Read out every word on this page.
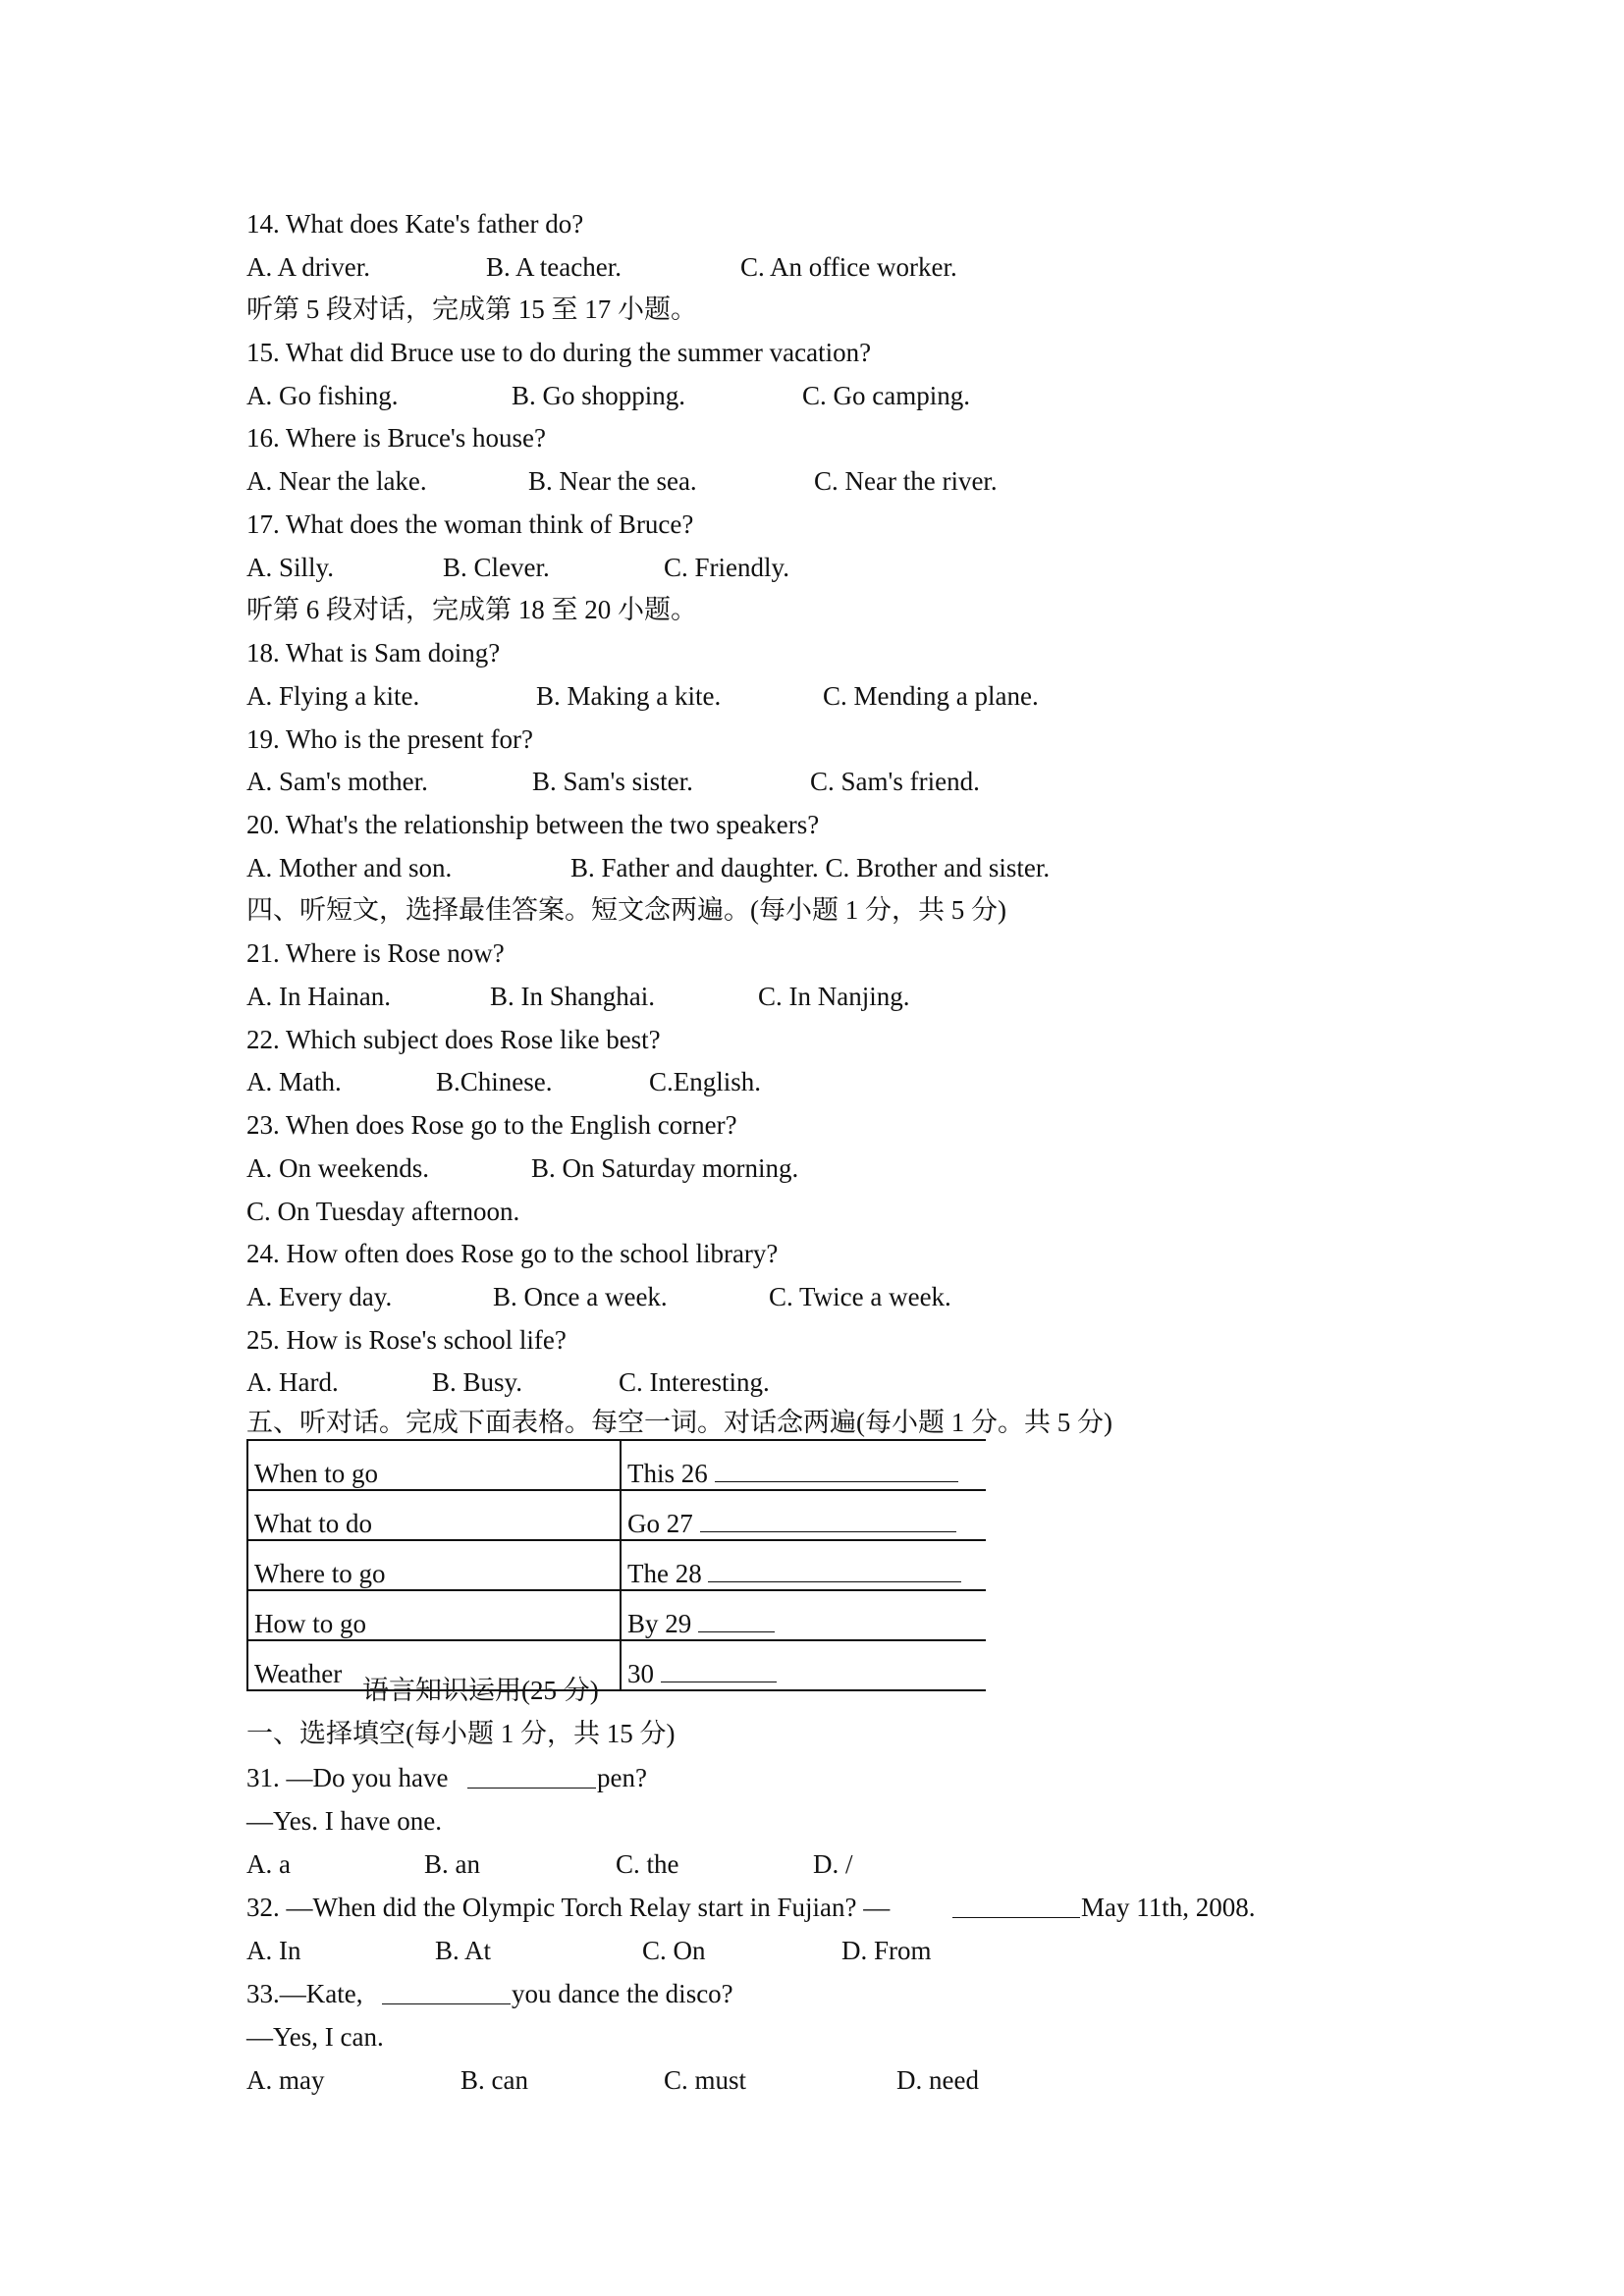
14. What does Kate's father do?
A. A driver.	B. A teacher.	C. An office worker.
听第 5 段对话，完成第 15 至 17 小题。
15. What did Bruce use to do during the summer vacation?
A. Go fishing.	B. Go shopping.	C. Go camping.
16. Where is Bruce's house?
A. Near the lake.	B. Near the sea.	C. Near the river.
17. What does the woman think of Bruce?
A. Silly.	B. Clever.	C. Friendly.
听第 6 段对话，完成第 18 至 20 小题。
18. What is Sam doing?
A. Flying a kite.	B. Making a kite.	C. Mending a plane.
19. Who is the present for?
A. Sam's mother.	B. Sam's sister.	C. Sam's friend.
20. What's the relationship between the two speakers?
A. Mother and son.	B. Father and daughter. C. Brother and sister.
四、听短文，选择最佳答案。短文念两遍。(每小题 1 分，共 5 分)
21. Where is Rose now?
A. In Hainan.	B. In Shanghai.	C. In Nanjing.
22. Which subject does Rose like best?
A. Math.	B.Chinese.	C.English.
23. When does Rose go to the English corner?
A. On weekends.	B. On Saturday morning.
C. On Tuesday afternoon.
24. How often does Rose go to the school library?
A. Every day.	B. Once a week.	C. Twice a week.
25. How is Rose's school life?
A. Hard.	B. Busy.	C. Interesting.
五、听对话。完成下面表格。每空一词。对话念两遍(每小题 1 分。共 5 分)
When to go	This 26
What to do	Go 27
Where to go	The 28
How to go	By 29
Weather	30
语言知识运用(25 分)
一、选择填空(每小题 1 分，共 15 分)
31. —Do you have	pen?
—Yes. I have one.
A. a	B. an	C. the	D. /
32. —When did the Olympic Torch Relay start in Fujian? —	May 11th, 2008.
A. In	B. At	C. On	D. From
33.—Kate,	you dance the disco?
—Yes, I can.
A. may	B. can	C. must	D. need
